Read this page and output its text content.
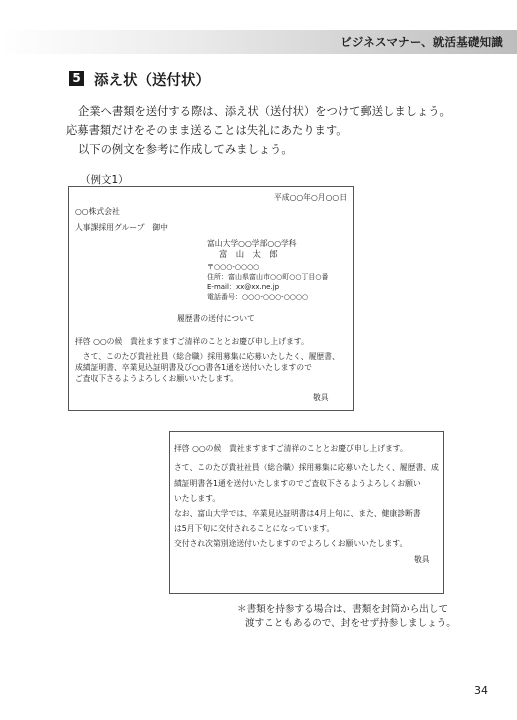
ビジネスマナー、就活基礎知識
5 添え状（送付状）
企業へ書類を送付する際は、添え状（送付状）をつけて郵送しましょう。
応募書類だけをそのまま送ることは失礼にあたります。
以下の例文を参考に作成してみましょう。
（例文1）
平成○○年○月○○日
○○株式会社
人事課採用グループ　御中
富山大学○○学部○○学科
富　山　太　郎
〒○○○-○○○○
住所：富山県富山市○○町○○丁目○番
E-mail：xx@xx.ne.jp
電話番号：○○○-○○○-○○○○
履歴書の送付について
拝啓 ○○の候　貴社ますますご清祥のこととお慶び申し上げます。
　さて、このたび貴社社員（総合職）採用募集に応募いたしたく、履歴書、
成績証明書、卒業見込証明書及び○○書各1通を送付いたしますので
ご査収下さるようよろしくお願いいたします。
敬具
拝啓 ○○の候　貴社ますますご清祥のこととお慶び申し上げます。
さて、このたび貴社社員（総合職）採用募集に応募いたしたく、履歴書、成
績証明書各1通を送付いたしますのでご査収下さるようよろしくお願い
いたします。
なお、富山大学では、卒業見込証明書は4月上旬に、また、健康診断書
は5月下旬に交付されることになっています。
交付され次第別途送付いたしますのでよろしくお願いいたします。
敬具
＊書類を持参する場合は、書類を封筒から出して
渡すこともあるので、封をせず持参しましょう。
34
